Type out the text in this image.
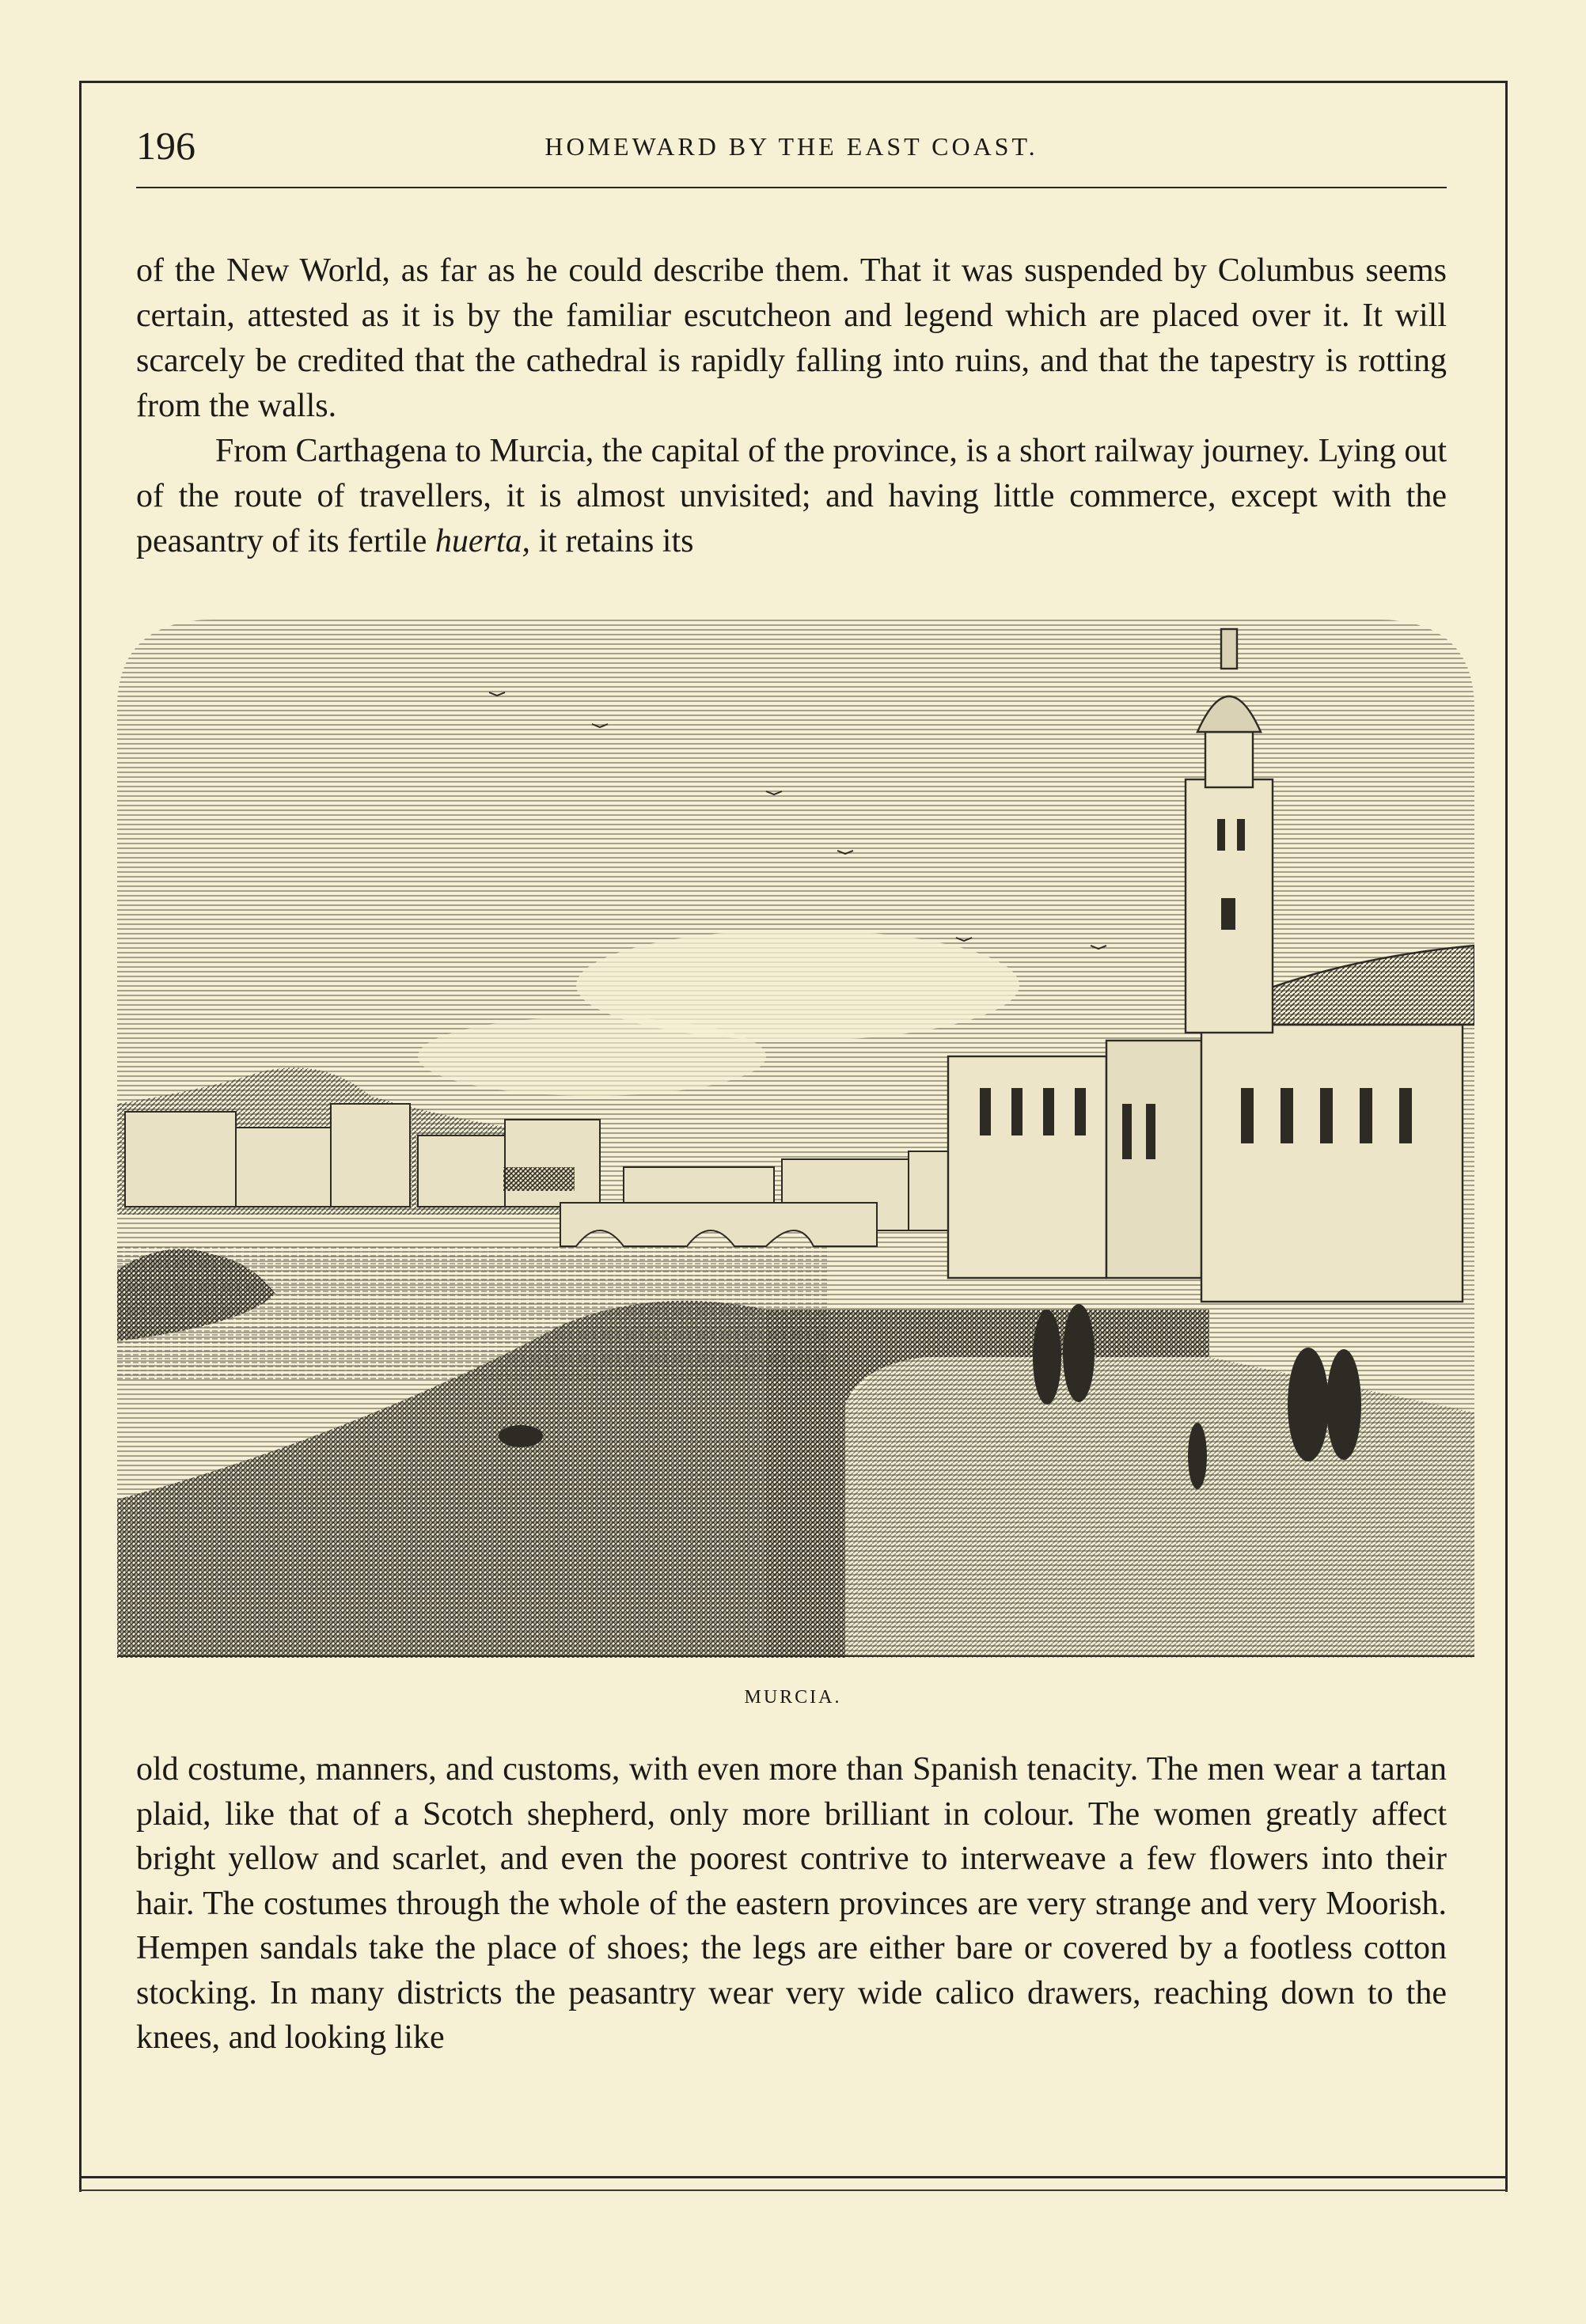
196	HOMEWARD BY THE EAST COAST.

of the New World, as far as he could describe them. That it was suspended by Columbus seems certain, attested as it is by the familiar escutcheon and legend which are placed over it. It will scarcely be credited that the cathedral is rapidly falling into ruins, and that the tapestry is rotting from the walls.

From Carthagena to Murcia, the capital of the province, is a short railway journey. Lying out of the route of travellers, it is almost unvisited; and having little commerce, except with the peasantry of its fertile huerta, it retains its

MURCIA.

old costume, manners, and customs, with even more than Spanish tenacity. The men wear a tartan plaid, like that of a Scotch shepherd, only more brilliant in colour. The women greatly affect bright yellow and scarlet, and even the poorest contrive to interweave a few flowers into their hair. The costumes through the whole of the eastern provinces are very strange and very Moorish. Hempen sandals take the place of shoes; the legs are either bare or covered by a footless cotton stocking. In many districts the peasantry wear very wide calico drawers, reaching down to the knees, and looking like
